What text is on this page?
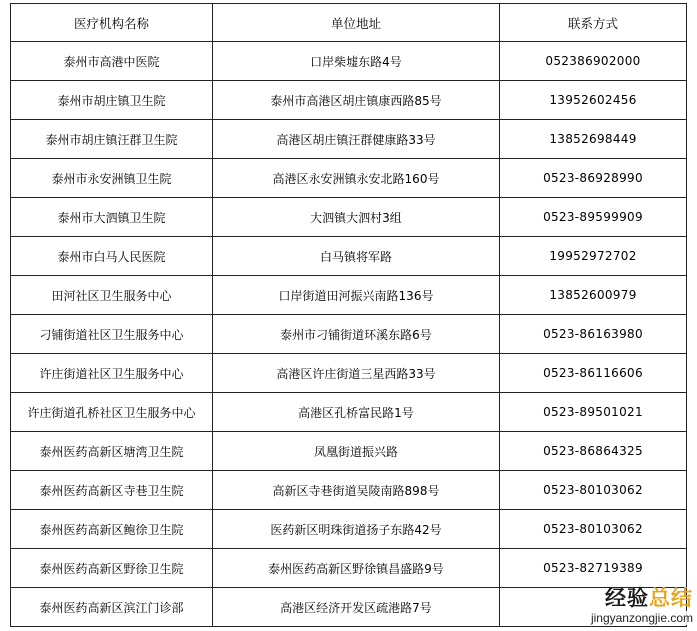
医疗机构名称	单位地址	联系方式
泰州市高港中医院	口岸柴墟东路4号	052386902000
泰州市胡庄镇卫生院	泰州市高港区胡庄镇康西路85号	13952602456
泰州市胡庄镇汪群卫生院	高港区胡庄镇汪群健康路33号	13852698449
泰州市永安洲镇卫生院	高港区永安洲镇永安北路160号	0523-86928990
泰州市大泗镇卫生院	大泗镇大泗村3组	0523-89599909
泰州市白马人民医院	白马镇将军路	19952972702
田河社区卫生服务中心	口岸街道田河振兴南路136号	13852600979
刁铺街道社区卫生服务中心	泰州市刁铺街道环溪东路6号	0523-86163980
许庄街道社区卫生服务中心	高港区许庄街道三星西路33号	0523-86116606
许庄街道孔桥社区卫生服务中心	高港区孔桥富民路1号	0523-89501021
泰州医药高新区塘湾卫生院	凤凰街道振兴路	0523-86864325
泰州医药高新区寺巷卫生院	高新区寺巷街道吴陵南路898号	0523-80103062
泰州医药高新区鲍徐卫生院	医药新区明珠街道扬子东路42号	0523-80103062
泰州医药高新区野徐卫生院	泰州医药高新区野徐镇昌盛路9号	0523-82719389
泰州医药高新区滨江门诊部	高港区经济开发区疏港路7号		经验总结
jingyanzongjie.com
